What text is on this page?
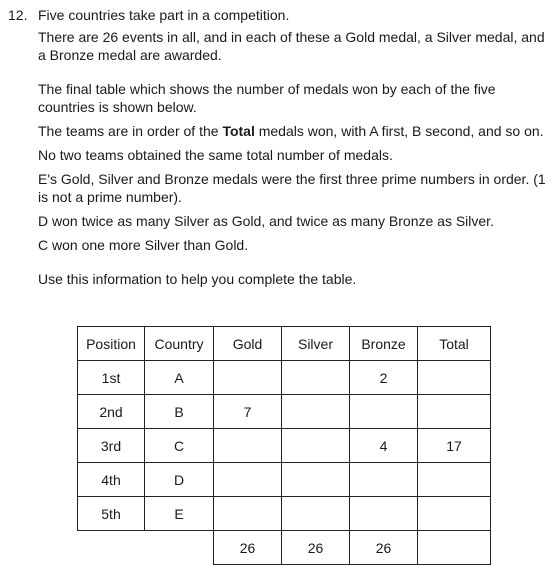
12. Five countries take part in a competition.

There are 26 events in all, and in each of these a Gold medal, a Silver medal, and a Bronze medal are awarded.

The final table which shows the number of medals won by each of the five countries is shown below.

The teams are in order of the Total medals won, with A first, B second, and so on.

No two teams obtained the same total number of medals.

E's Gold, Silver and Bronze medals were the first three prime numbers in order. (1 is not a prime number).

D won twice as many Silver as Gold, and twice as many Bronze as Silver.

C won one more Silver than Gold.

Use this information to help you complete the table.

Position	Country	Gold	Silver	Bronze	Total
1st	A			2	
2nd	B	7			
3rd	C			4	17
4th	D				
5th	E				
		26	26	26	
